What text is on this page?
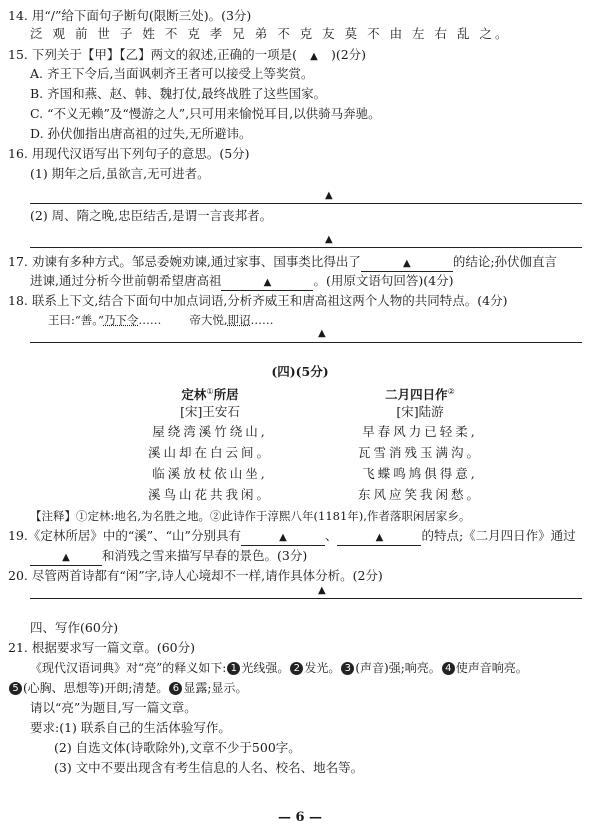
14. 用“/”给下面句子断句(限断三处)。(3分)
泛 观 前 世 子 姓 不 克 孝 兄 弟 不 克 友 莫 不 由 左 右 乱 之。
15. 下列关于【甲】【乙】两文的叙述,正确的一项是( ▲ )(2分)
A. 齐王下令后,当面讽刺齐王者可以接受上等奖赏。
B. 齐国和燕、赵、韩、魏打仗,最终战胜了这些国家。
C. “不义无赖”及“慢游之人”,只可用来愉悦耳目,以供骑马奔驰。
D. 孙伏伽指出唐高祖的过失,无所避讳。
16. 用现代汉语写出下列句子的意思。(5分)
(1) 期年之后,虽欲言,无可进者。
▲
(2) 周、隋之晚,忠臣结舌,是谓一言丧邦者。
▲
17. 劝谏有多种方式。邹忌委婉劝谏,通过家事、国事类比得出了	▲	的结论;孙伏伽直言
进谏,通过分析今世前朝希望唐高祖	▲	。(用原文语句回答)(4分)
18. 联系上下文,结合下面句中加点词语,分析齐威王和唐高祖这两个人物的共同特点。(4分)
王曰:“善。”乃下令…… 帝大悦,即诏……
▲
(四)(5分)
定林①所居
[宋]王安石
屋绕湾溪竹绕山,
溪山却在白云间。
临溪放杖依山坐,
溪鸟山花共我闲。
二月四日作②
[宋]陆游
早春风力已轻柔,
瓦雪消残玉满沟。
飞蝶鸣鸠俱得意,
东风应笑我闲愁。
【注释】①定林:地名,为名胜之地。②此诗作于淳熙八年(1181年),作者落职闲居家乡。
19.《定林所居》中的“溪”、“山”分别具有	▲	、	▲	的特点;《二月四日作》通过
▲	和消残之雪来描写早春的景色。(3分)
20. 尽管两首诗都有“闲”字,诗人心境却不一样,请作具体分析。(2分)
▲
四、写作(60分)
21. 根据要求写一篇文章。(60分)
《现代汉语词典》对“亮”的释义如下: 1 光线强。 2 发光。 3 (声音)强;响亮。 4 使声音响亮。
5 (心胸、思想等)开朗;清楚。 6 显露;显示。
请以“亮”为题目,写一篇文章。
要求:(1) 联系自己的生活体验写作。
(2) 自选文体(诗歌除外),文章不少于500字。
(3) 文中不要出现含有考生信息的人名、校名、地名等。
— 6 —
